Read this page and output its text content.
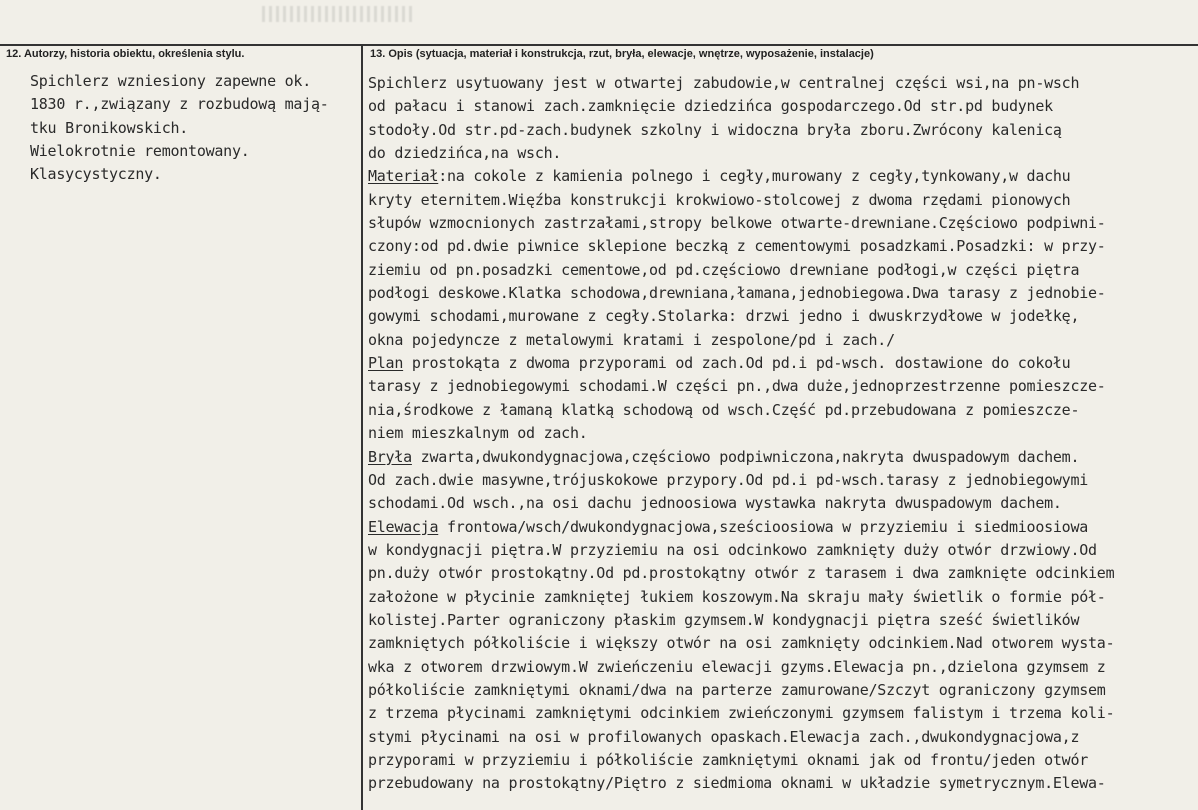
12. Autorzy, historia obiektu, określenia stylu.	13. Opis (sytuacja, materiał i konstrukcja, rzut, bryła, elewacje, wnętrze, wyposażenie, instalacje)
Spichlerz wzniesiony zapewne ok.
1830 r.,związany z rozbudową mają-
tku Bronikowskich.
Wielokrotnie remontowany.
Klasycystyczny.
Spichlerz usytuowany jest w otwartej zabudowie,w centralnej części wsi,na pn-wsch
od pałacu i stanowi zach.zamknięcie dziedzińca gospodarczego.Od str.pd budynek
stodoły.Od str.pd-zach.budynek szkolny i widoczna bryła zboru.Zwrócony kalenicą
do dziedzińca,na wsch.
Materiał:na cokole z kamienia polnego i cegły,murowany z cegły,tynkowany,w dachu
kryty eternitem.Więźba konstrukcji krokwiowo-stolcowej z dwoma rzędami pionowych
słupów wzmocnionych zastrzałami,stropy belkowe otwarte-drewniane.Częściowo podpiwni-
czony:od pd.dwie piwnice sklepione beczką z cementowymi posadzkami.Posadzki: w przy-
ziemiu od pn.posadzki cementowe,od pd.częściowo drewniane podłogi,w części piętra
podłogi deskowe.Klatka schodowa,drewniana,łamana,jednobiegowa.Dwa tarasy z jednobie-
gowymi schodami,murowane z cegły.Stolarka: drzwi jedno i dwuskrzydłowe w jodełkę,
okna pojedyncze z metalowymi kratami i zespolone/pd i zach./
Plan prostokąta z dwoma przyporami od zach.Od pd.i pd-wsch. dostawione do cokołu
tarasy z jednobiegowymi schodami.W części pn.,dwa duże,jednoprzestrzenne pomieszcze-
nia,środkowe z łamaną klatką schodową od wsch.Część pd.przebudowana z pomieszcze-
niem mieszkalnym od zach.
Bryła zwarta,dwukondygnacjowa,częściowo podpiwniczona,nakryta dwuspadowym dachem.
Od zach.dwie masywne,trójuskokowe przypory.Od pd.i pd-wsch.tarasy z jednobiegowymi
schodami.Od wsch.,na osi dachu jednoosiowa wystawka nakryta dwuspadowym dachem.
Elewacja frontowa/wsch/dwukondygnacjowa,sześcioosiowa w przyziemiu i siedmioosiowa
w kondygnacji piętra.W przyziemiu na osi odcinkowo zamknięty duży otwór drzwiowy.Od
pn.duży otwór prostokątny.Od pd.prostokątny otwór z tarasem i dwa zamknięte odcinkiem
założone w płycinie zamkniętej łukiem koszowym.Na skraju mały świetlik o formie pół-
kolistej.Parter ograniczony płaskim gzymsem.W kondygnacji piętra sześć świetlików
zamkniętych półkoliście i większy otwór na osi zamknięty odcinkiem.Nad otworem wysta-
wka z otworem drzwiowym.W zwieńczeniu elewacji gzyms.Elewacja pn.,dzielona gzymsem z
półkoliście zamkniętymi oknami/dwa na parterze zamurowane/Szczyt ograniczony gzymsem
z trzema płycinami zamkniętymi odcinkiem zwieńczonymi gzymsem falistym i trzema koli-
stymi płycinami na osi w profilowanych opaskach.Elewacja zach.,dwukondygnacjowa,z
przyporami w przyziemiu i półkoliście zamkniętymi oknami jak od frontu/jeden otwór
przebudowany na prostokątny/Piętro z siedmioma oknami w układzie symetrycznym.Elewa-
